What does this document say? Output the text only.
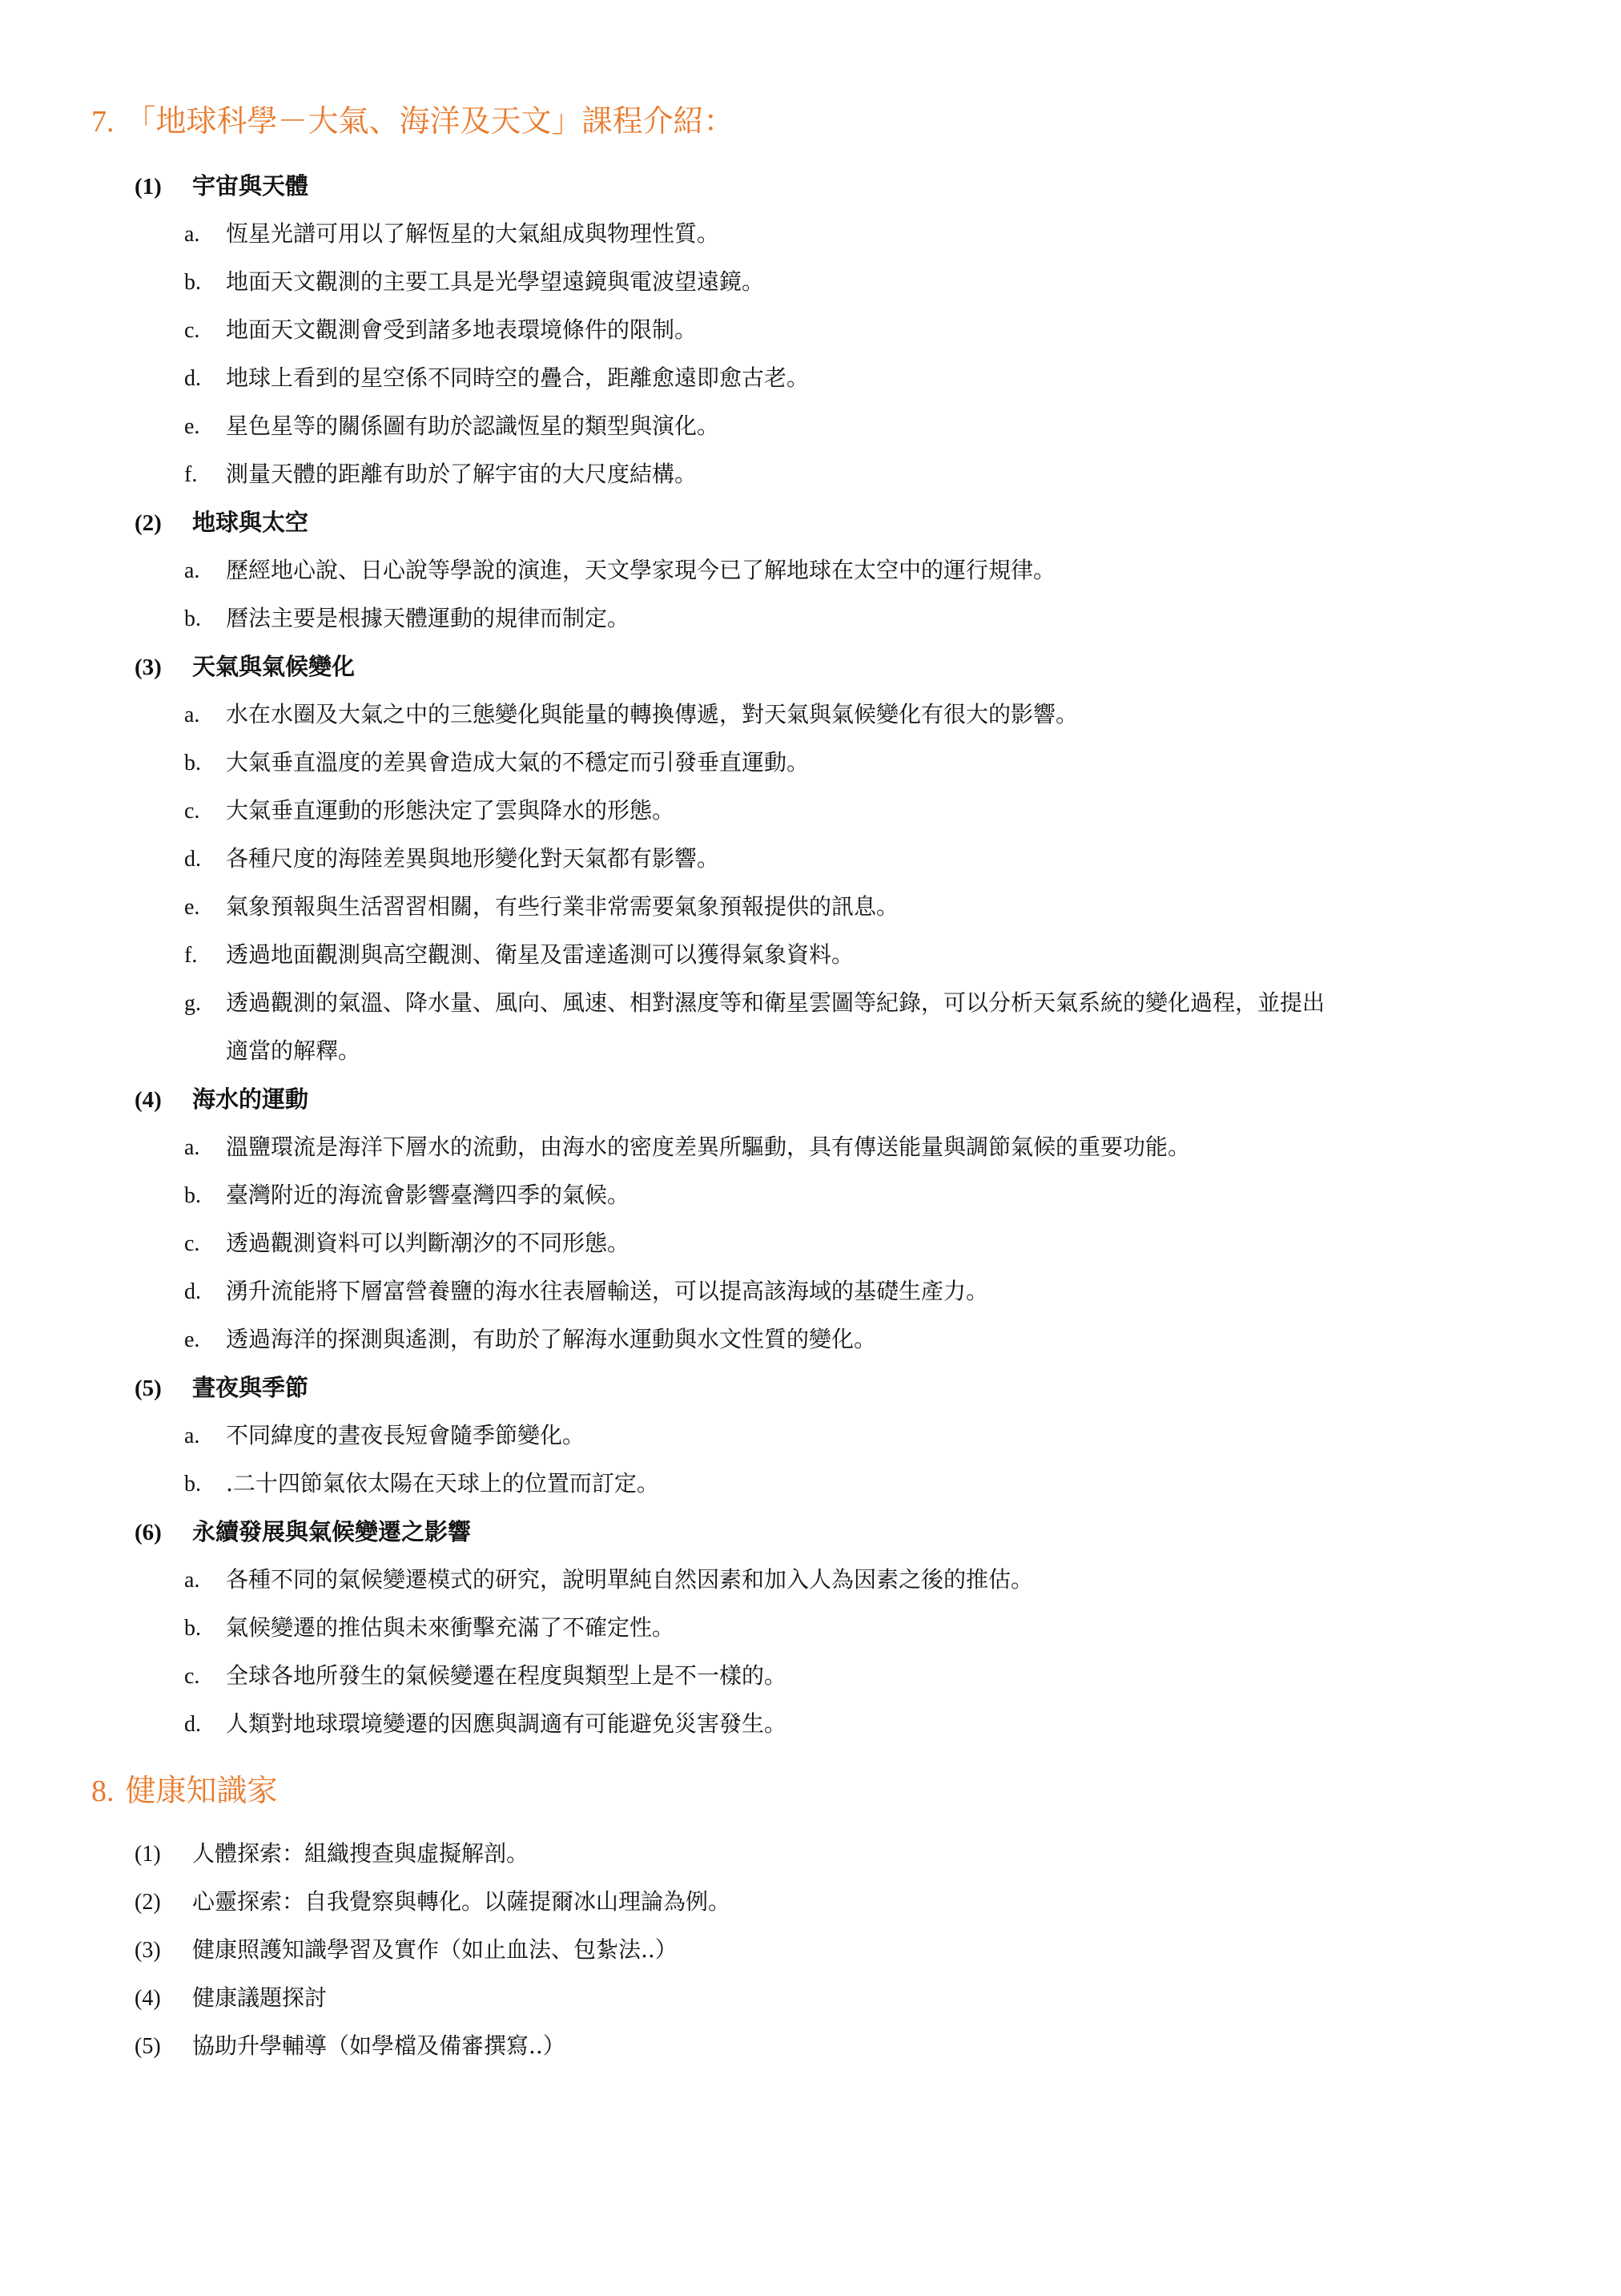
7. 「地球科學－大氣、海洋及天文」課程介紹：
(1) 宇宙與天體
a. 恆星光譜可用以了解恆星的大氣組成與物理性質。
b. 地面天文觀測的主要工具是光學望遠鏡與電波望遠鏡。
c. 地面天文觀測會受到諸多地表環境條件的限制。
d. 地球上看到的星空係不同時空的疊合，距離愈遠即愈古老。
e. 星色星等的關係圖有助於認識恆星的類型與演化。
f. 測量天體的距離有助於了解宇宙的大尺度結構。
(2) 地球與太空
a. 歷經地心說、日心說等學說的演進，天文學家現今已了解地球在太空中的運行規律。
b. 曆法主要是根據天體運動的規律而制定。
(3) 天氣與氣候變化
a. 水在水圈及大氣之中的三態變化與能量的轉換傳遞，對天氣與氣候變化有很大的影響。
b. 大氣垂直溫度的差異會造成大氣的不穩定而引發垂直運動。
c. 大氣垂直運動的形態決定了雲與降水的形態。
d. 各種尺度的海陸差異與地形變化對天氣都有影響。
e. 氣象預報與生活習習相關，有些行業非常需要氣象預報提供的訊息。
f. 透過地面觀測與高空觀測、衛星及雷達遙測可以獲得氣象資料。
g. 透過觀測的氣溫、降水量、風向、風速、相對濕度等和衛星雲圖等紀錄，可以分析天氣系統的變化過程，並提出
適當的解釋。
(4) 海水的運動
a. 溫鹽環流是海洋下層水的流動，由海水的密度差異所驅動，具有傳送能量與調節氣候的重要功能。
b. 臺灣附近的海流會影響臺灣四季的氣候。
c. 透過觀測資料可以判斷潮汐的不同形態。
d. 湧升流能將下層富營養鹽的海水往表層輸送，可以提高該海域的基礎生產力。
e. 透過海洋的探測與遙測，有助於了解海水運動與水文性質的變化。
(5) 晝夜與季節
a. 不同緯度的晝夜長短會隨季節變化。
b. .二十四節氣依太陽在天球上的位置而訂定。
(6) 永續發展與氣候變遷之影響
a. 各種不同的氣候變遷模式的研究，說明單純自然因素和加入人為因素之後的推估。
b. 氣候變遷的推估與未來衝擊充滿了不確定性。
c. 全球各地所發生的氣候變遷在程度與類型上是不一樣的。
d. 人類對地球環境變遷的因應與調適有可能避免災害發生。
8. 健康知識家
(1) 人體探索：組織搜查與虛擬解剖。
(2) 心靈探索：自我覺察與轉化。以薩提爾冰山理論為例。
(3) 健康照護知識學習及實作（如止血法、包紮法..）
(4) 健康議題探討
(5) 協助升學輔導（如學檔及備審撰寫..）
